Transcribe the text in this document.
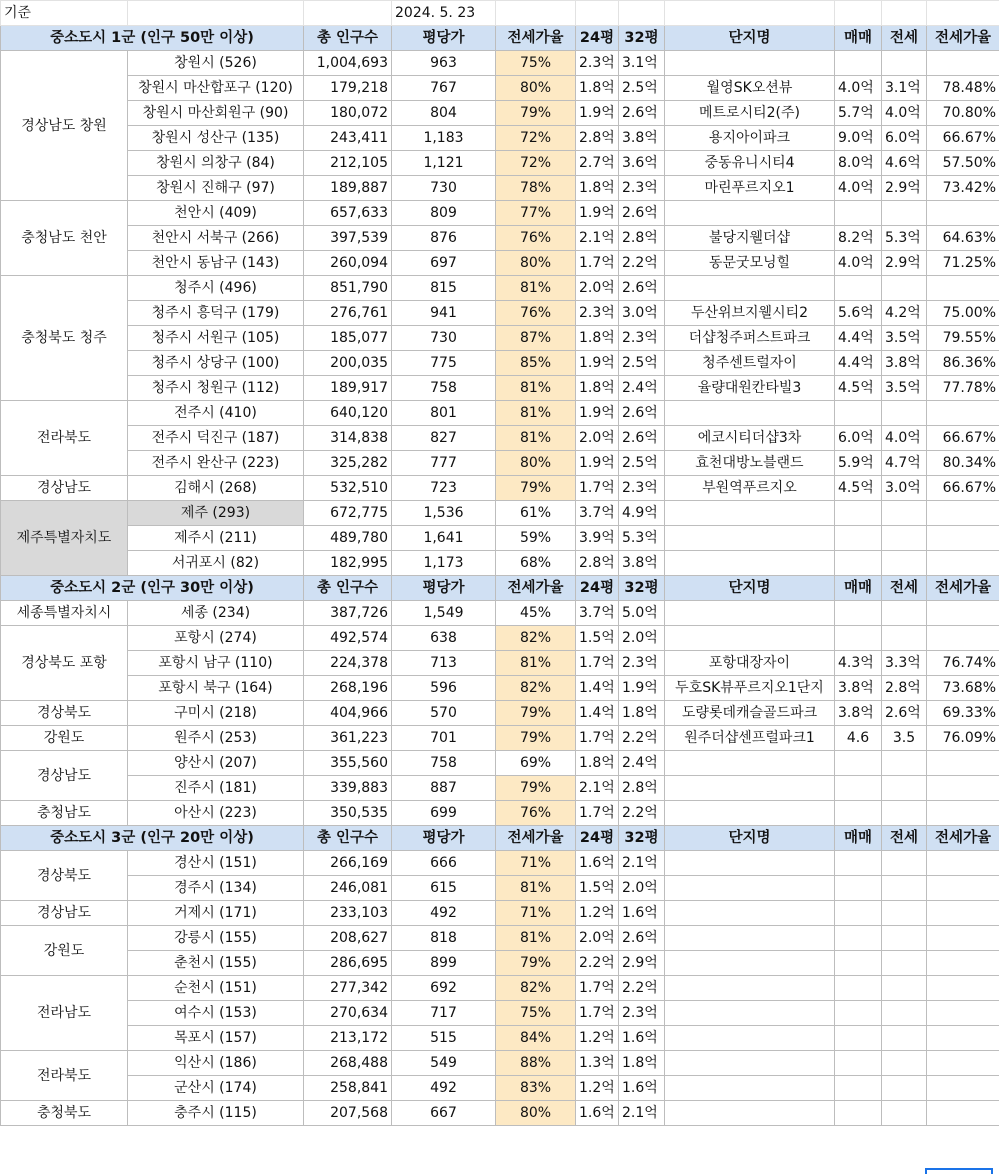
기준			2024. 5. 23							
중소도시 1군 (인구 50만 이상)		총 인구수	평당가	전세가율	24평	32평	단지명	매매	전세	전세가율
경상남도 창원	창원시 (526)	1,004,693	963	75%	2.3억	3.1억				
	창원시 마산합포구 (120)	179,218	767	80%	1.8억	2.5억	월영SK오션뷰	4.0억	3.1억	78.48%
	창원시 마산회원구 (90)	180,072	804	79%	1.9억	2.6억	메트로시티2(주)	5.7억	4.0억	70.80%
	창원시 성산구 (135)	243,411	1,183	72%	2.8억	3.8억	용지아이파크	9.0억	6.0억	66.67%
	창원시 의창구 (84)	212,105	1,121	72%	2.7억	3.6억	중동유니시티4	8.0억	4.6억	57.50%
	창원시 진해구 (97)	189,887	730	78%	1.8억	2.3억	마린푸르지오1	4.0억	2.9억	73.42%
충청남도 천안	천안시 (409)	657,633	809	77%	1.9억	2.6억				
	천안시 서북구 (266)	397,539	876	76%	2.1억	2.8억	불당지웰더샵	8.2억	5.3억	64.63%
	천안시 동남구 (143)	260,094	697	80%	1.7억	2.2억	동문굿모닝힐	4.0억	2.9억	71.25%
충청북도 청주	청주시 (496)	851,790	815	81%	2.0억	2.6억				
	청주시 흥덕구 (179)	276,761	941	76%	2.3억	3.0억	두산위브지웰시티2	5.6억	4.2억	75.00%
	청주시 서원구 (105)	185,077	730	87%	1.8억	2.3억	더샵청주퍼스트파크	4.4억	3.5억	79.55%
	청주시 상당구 (100)	200,035	775	85%	1.9억	2.5억	청주센트럴자이	4.4억	3.8억	86.36%
	청주시 청원구 (112)	189,917	758	81%	1.8억	2.4억	율량대원칸타빌3	4.5억	3.5억	77.78%
전라북도	전주시 (410)	640,120	801	81%	1.9억	2.6억				
	전주시 덕진구 (187)	314,838	827	81%	2.0억	2.6억	에코시티더샵3차	6.0억	4.0억	66.67%
	전주시 완산구 (223)	325,282	777	80%	1.9억	2.5억	효천대방노블랜드	5.9억	4.7억	80.34%
경상남도	김해시 (268)	532,510	723	79%	1.7억	2.3억	부원역푸르지오	4.5억	3.0억	66.67%
제주특별자치도	제주 (293)	672,775	1,536	61%	3.7억	4.9억				
	제주시 (211)	489,780	1,641	59%	3.9억	5.3억				
	서귀포시 (82)	182,995	1,173	68%	2.8억	3.8억				
중소도시 2군 (인구 30만 이상)		총 인구수	평당가	전세가율	24평	32평	단지명	매매	전세	전세가율
세종특별자치시	세종 (234)	387,726	1,549	45%	3.7억	5.0억				
경상북도 포항	포항시 (274)	492,574	638	82%	1.5억	2.0억				
	포항시 남구 (110)	224,378	713	81%	1.7억	2.3억	포항대장자이	4.3억	3.3억	76.74%
	포항시 북구 (164)	268,196	596	82%	1.4억	1.9억	두호SK뷰푸르지오1단지	3.8억	2.8억	73.68%
경상북도	구미시 (218)	404,966	570	79%	1.4억	1.8억	도량롯데캐슬골드파크	3.8억	2.6억	69.33%
강원도	원주시 (253)	361,223	701	79%	1.7억	2.2억	원주더샵센프럴파크1	4.6	3.5	76.09%
경상남도	양산시 (207)	355,560	758	69%	1.8억	2.4억				
	진주시 (181)	339,883	887	79%	2.1억	2.8억				
충청남도	아산시 (223)	350,535	699	76%	1.7억	2.2억				
중소도시 3군 (인구 20만 이상)		총 인구수	평당가	전세가율	24평	32평	단지명	매매	전세	전세가율
경상북도	경산시 (151)	266,169	666	71%	1.6억	2.1억				
	경주시 (134)	246,081	615	81%	1.5억	2.0억				
경상남도	거제시 (171)	233,103	492	71%	1.2억	1.6억				
강원도	강릉시 (155)	208,627	818	81%	2.0억	2.6억				
	춘천시 (155)	286,695	899	79%	2.2억	2.9억				
전라남도	순천시 (151)	277,342	692	82%	1.7억	2.2억				
	여수시 (153)	270,634	717	75%	1.7억	2.3억				
	목포시 (157)	213,172	515	84%	1.2억	1.6억				
전라북도	익산시 (186)	268,488	549	88%	1.3억	1.8억				
	군산시 (174)	258,841	492	83%	1.2억	1.6억				
충청북도	충주시 (115)	207,568	667	80%	1.6억	2.1억				
